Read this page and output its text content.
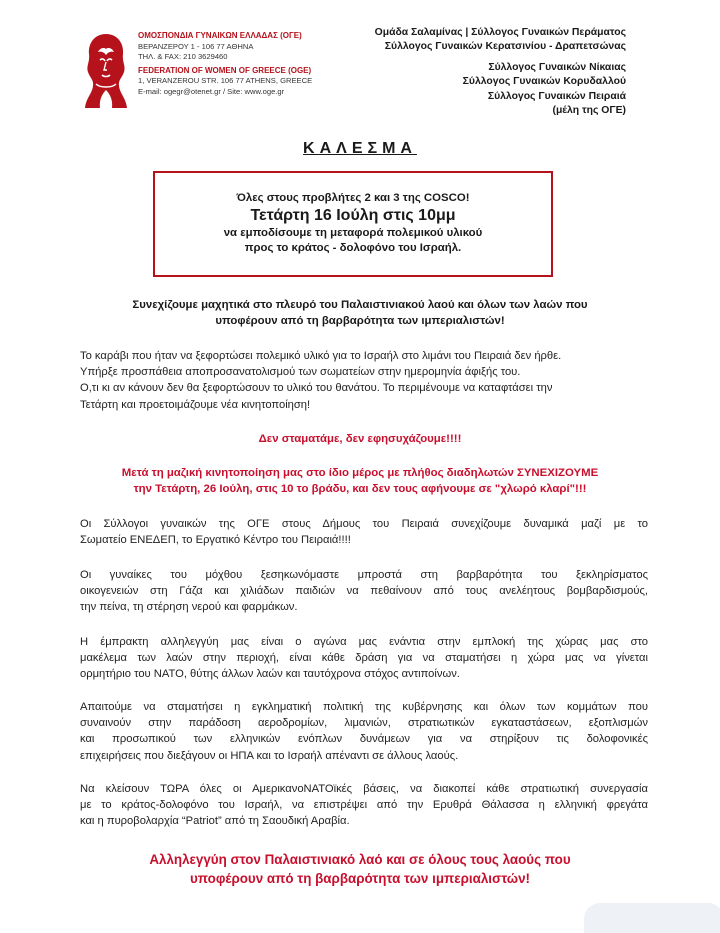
ΟΜΟΣΠΟΝΔΙΑ ΓΥΝΑΙΚΩΝ ΕΛΛΑΔΑΣ (ΟΓΕ)
ΒΕΡΑΝΖΕΡΟΥ 1 - 106 77 ΑΘΗΝΑ
ΤΗΛ. & FAX: 210 3629460
FEDERATION OF WOMEN OF GREECE (OGE)
1, VERANZEROU STR. 106 77 ATHENS, GREECE
E-mail: ogegr@otenet.gr / Site: www.oge.gr
Ομάδα Σαλαμίνας | Σύλλογος Γυναικών Περάματος
Σύλλογος Γυναικών Κερατσινίου - Δραπετσώνας
Σύλλογος Γυναικών Νίκαιας
Σύλλογος Γυναικών Κορυδαλλού
Σύλλογος Γυναικών Πειραιά
(μέλη της ΟΓΕ)
ΚΑΛΕΣΜΑ
Όλες στους προβλήτες 2 και 3 της COSCO!
Τετάρτη 16 Ιούλη στις 10μμ
να εμποδίσουμε τη μεταφορά πολεμικού υλικού
προς το κράτος - δολοφόνο του Ισραήλ.
Συνεχίζουμε μαχητικά στο πλευρό του Παλαιστινιακού λαού και όλων των λαών που
υποφέρουν από τη βαρβαρότητα των ιμπεριαλιστών!
Το καράβι που ήταν να ξεφορτώσει πολεμικό υλικό για το Ισραήλ στο λιμάνι του Πειραιά δεν ήρθε.
Υπήρξε προσπάθεια αποπροσανατολισμού των σωματείων στην ημερομηνία άφιξής του.
Ο,τι κι αν κάνουν δεν θα ξεφορτώσουν το υλικό του θανάτου. Το περιμένουμε να καταφτάσει την
Τετάρτη και προετοιμάζουμε νέα κινητοποίηση!
Δεν σταματάμε, δεν εφησυχάζουμε!!!!
Μετά τη μαζική κινητοποίηση μας στο ίδιο μέρος με πλήθος διαδηλωτών ΣΥΝΕΧΙΖΟΥΜΕ
την Τετάρτη, 26 Ιούλη, στις 10 το βράδυ, και δεν τους αφήνουμε σε "χλωρό κλαρί"!!!
Οι Σύλλογοι γυναικών της ΟΓΕ στους Δήμους του Πειραιά συνεχίζουμε δυναμικά μαζί με το
Σωματείο ΕΝΕΔΕΠ, το Εργατικό Κέντρο του Πειραιά!!!!
Οι γυναίκες του μόχθου ξεσηκωνόμαστε μπροστά στη βαρβαρότητα του ξεκληρίσματος
οικογενειών στη Γάζα και χιλιάδων παιδιών να πεθαίνουν από τους ανελέητους βομβαρδισμούς,
την πείνα, τη στέρηση νερού και φαρμάκων.
Η έμπρακτη αλληλεγγύη μας είναι ο αγώνα μας ενάντια στην εμπλοκή της χώρας μας στο
μακέλεμα των λαών στην περιοχή, είναι κάθε δράση για να σταματήσει η χώρα μας να γίνεται
ορμητήριο του ΝΑΤΟ, θύτης άλλων λαών και ταυτόχρονα στόχος αντιποίνων.
Απαιτούμε να σταματήσει η εγκληματική πολιτική της κυβέρνησης και όλων των κομμάτων που
συναινούν στην παράδοση αεροδρομίων, λιμανιών, στρατιωτικών εγκαταστάσεων, εξοπλισμών
και προσωπικού των ελληνικών ενόπλων δυνάμεων για να στηρίξουν τις δολοφονικές
επιχειρήσεις που διεξάγουν οι ΗΠΑ και το Ισραήλ απέναντι σε άλλους λαούς.
Να κλείσουν ΤΩΡΑ όλες οι ΑμερικανοΝΑΤΟϊκές βάσεις, να διακοπεί κάθε στρατιωτική συνεργασία
με το κράτος-δολοφόνο του Ισραήλ, να επιστρέψει από την Ερυθρά Θάλασσα η ελληνική φρεγάτα
και η πυροβολαρχία “Patriot” από τη Σαουδική Αραβία.
Αλληλεγγύη στον Παλαιστινιακό λαό και σε όλους τους λαούς που
υποφέρουν από τη βαρβαρότητα των ιμπεριαλιστών!
